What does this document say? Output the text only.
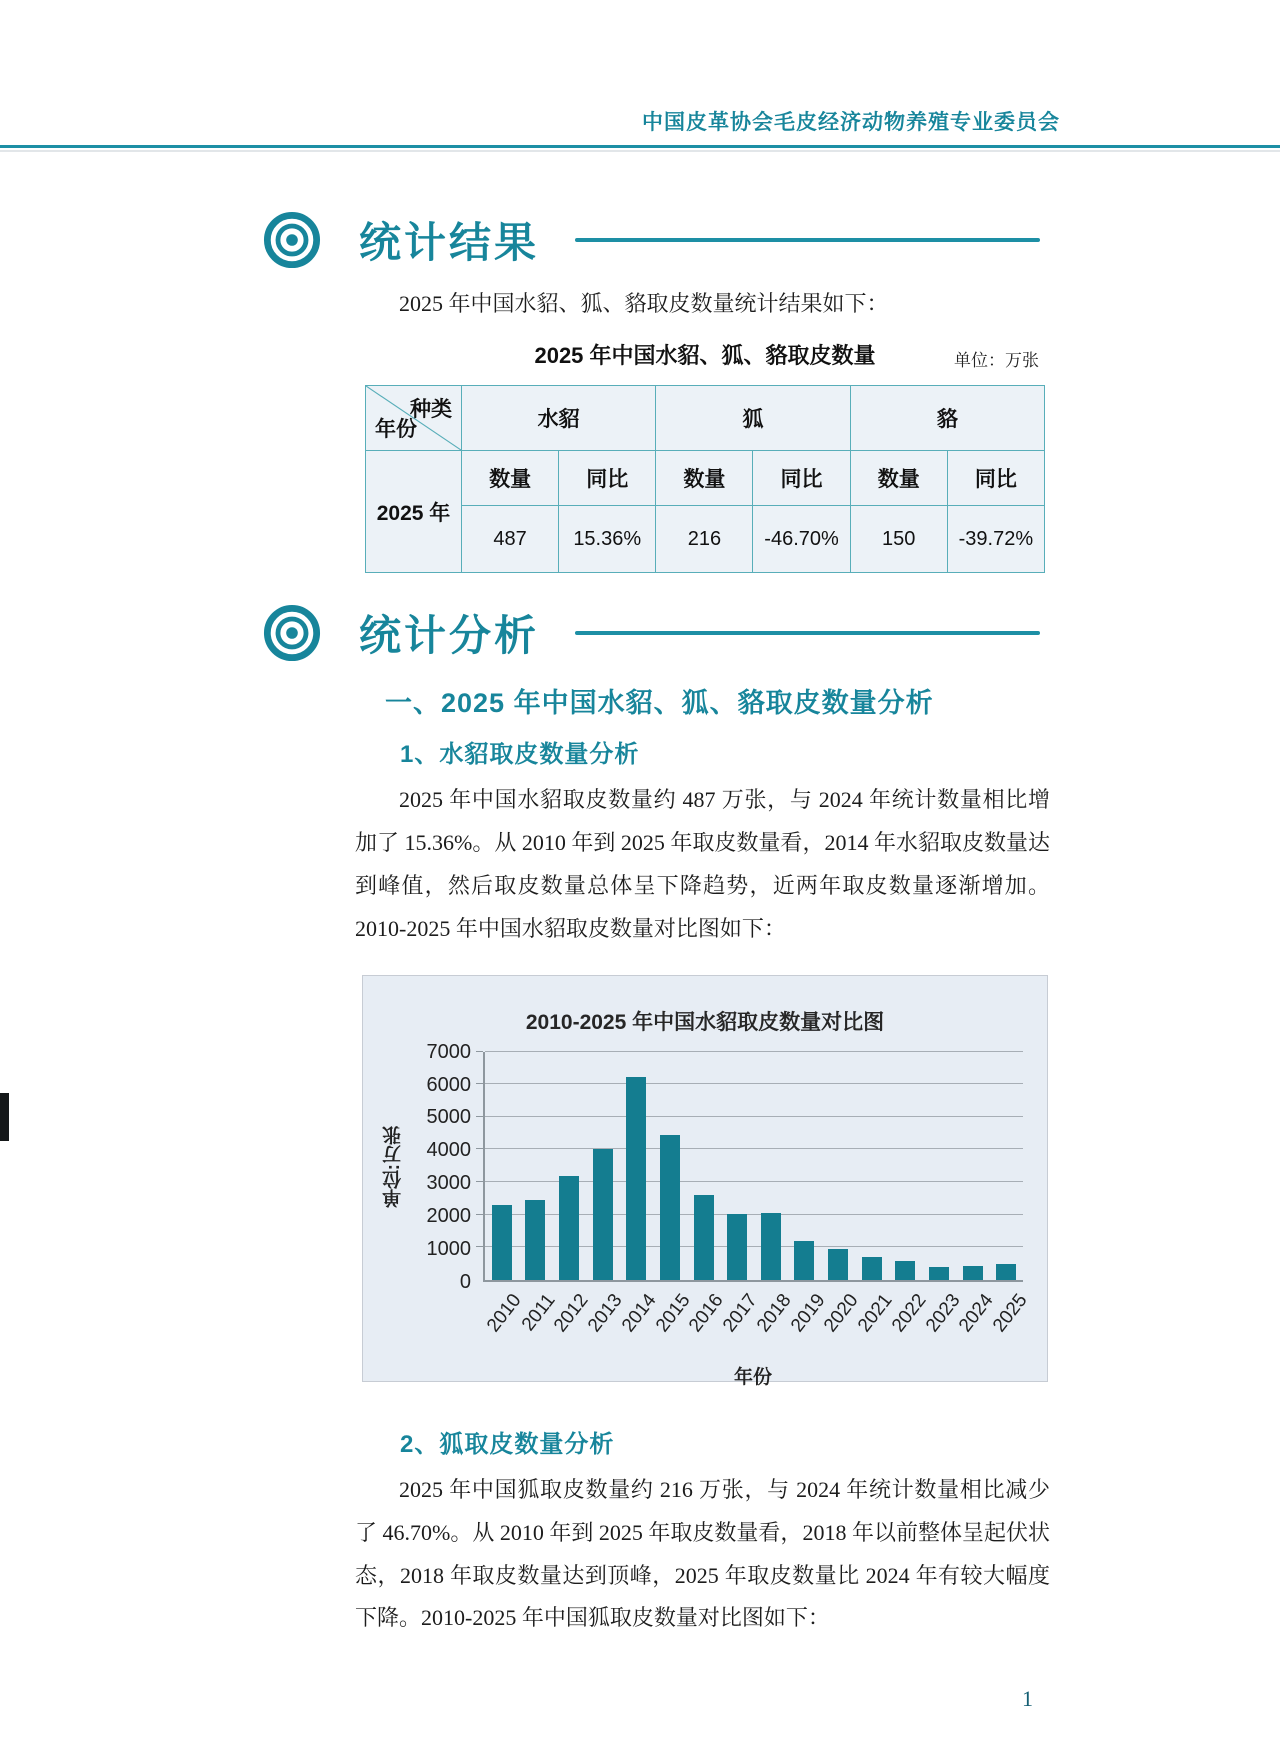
中国皮革协会毛皮经济动物养殖专业委员会
统计结果
2025 年中国水貂、狐、貉取皮数量统计结果如下：
2025 年中国水貂、狐、貉取皮数量	单位：万张
种类
年份	水貂		狐		貉	
2025 年	数量	同比	数量	同比	数量	同比
	487	15.36%	216	-46.70%	150	-39.72%
统计分析
一、2025 年中国水貂、狐、貉取皮数量分析
1、水貂取皮数量分析
2025 年中国水貂取皮数量约 487 万张，与 2024 年统计数量相比增加了 15.36%。从 2010 年到 2025 年取皮数量看，2014 年水貂取皮数量达到峰值，然后取皮数量总体呈下降趋势，近两年取皮数量逐渐增加。2010-2025 年中国水貂取皮数量对比图如下：
2010-2025 年中国水貂取皮数量对比图
单位:万张
0
1000
2000
3000
4000
5000
6000
7000
2010
2011
2012
2013
2014
2015
2016
2017
2018
2019
2020
2021
2022
2023
2024
2025
年份
2、狐取皮数量分析
2025 年中国狐取皮数量约 216 万张，与 2024 年统计数量相比减少了 46.70%。从 2010 年到 2025 年取皮数量看，2018 年以前整体呈起伏状态，2018 年取皮数量达到顶峰，2025 年取皮数量比 2024 年有较大幅度下降。2010-2025 年中国狐取皮数量对比图如下：
1
